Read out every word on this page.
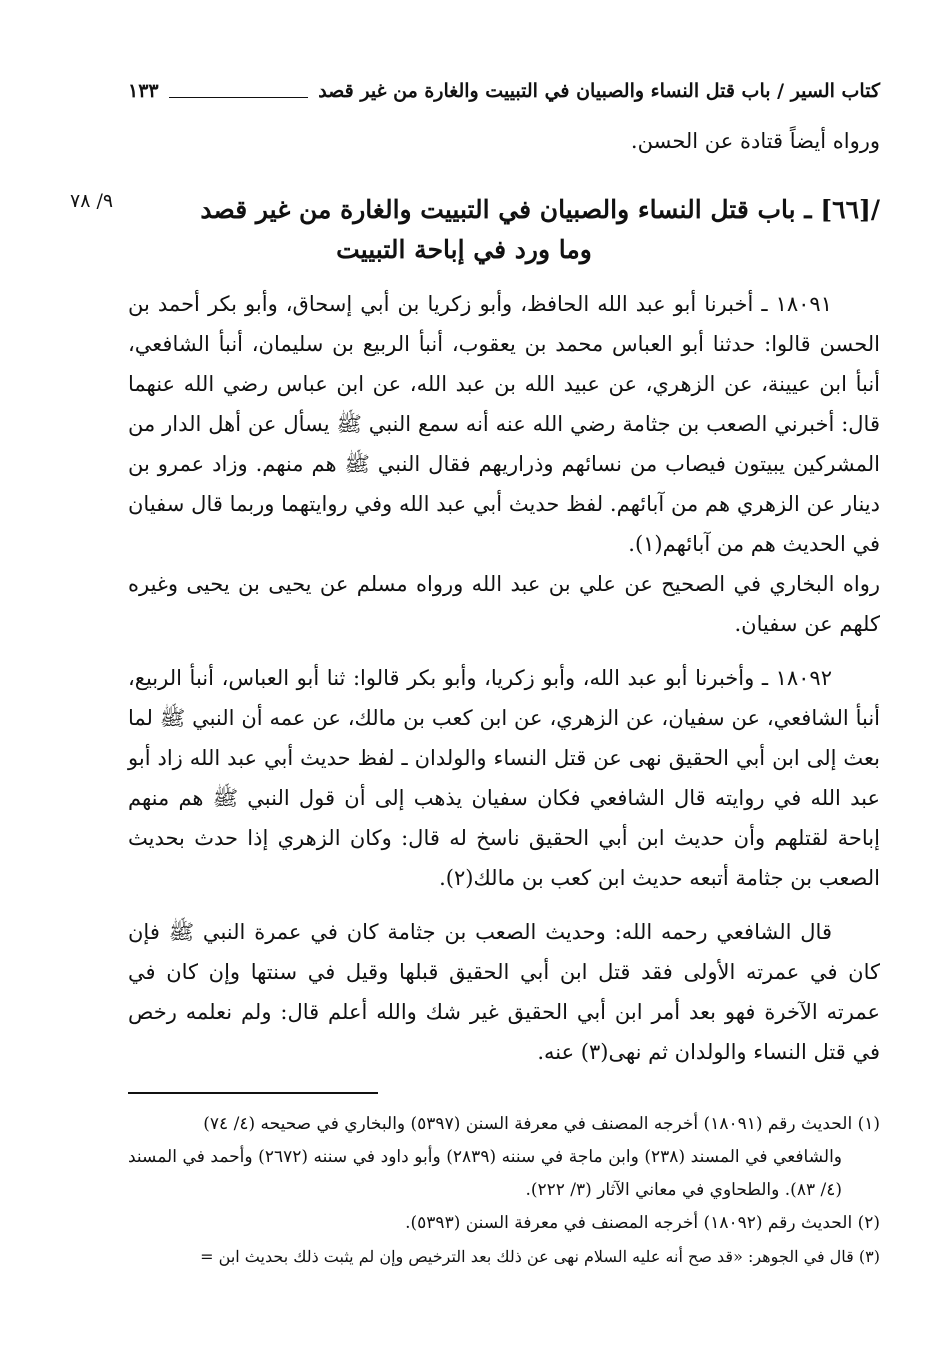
كتاب السير / باب قتل النساء والصبيان في التبييت والغارة من غير قصد
١٣٣
ورواه أيضاً قتادة عن الحسن.
٩/ ٧٨	/[٦٦] ـ باب قتل النساء والصبيان في التبييت والغارة من غير قصد
وما ورد في إباحة التبييت

١٨٠٩١ ـ أخبرنا أبو عبد الله الحافظ، وأبو زكريا بن أبي إسحاق، وأبو بكر أحمد بن الحسن قالوا: حدثنا أبو العباس محمد بن يعقوب، أنبأ الربيع بن سليمان، أنبأ الشافعي، أنبأ ابن عيينة، عن الزهري، عن عبيد الله بن عبد الله، عن ابن عباس رضي الله عنهما قال: أخبرني الصعب بن جثامة رضي الله عنه أنه سمع النبي ﷺ يسأل عن أهل الدار من المشركين يبيتون فيصاب من نسائهم وذراريهم فقال النبي ﷺ هم منهم. وزاد عمرو بن دينار عن الزهري هم من آبائهم. لفظ حديث أبي عبد الله وفي روايتهما وربما قال سفيان في الحديث هم من آبائهم(١).

رواه البخاري في الصحيح عن علي بن عبد الله ورواه مسلم عن يحيى بن يحيى وغيره كلهم عن سفيان.

١٨٠٩٢ ـ وأخبرنا أبو عبد الله، وأبو زكريا، وأبو بكر قالوا: ثنا أبو العباس، أنبأ الربيع، أنبأ الشافعي، عن سفيان، عن الزهري، عن ابن كعب بن مالك، عن عمه أن النبي ﷺ لما بعث إلى ابن أبي الحقيق نهى عن قتل النساء والولدان ـ لفظ حديث أبي عبد الله زاد أبو عبد الله في روايته قال الشافعي فكان سفيان يذهب إلى أن قول النبي ﷺ هم منهم إباحة لقتلهم وأن حديث ابن أبي الحقيق ناسخ له قال: وكان الزهري إذا حدث بحديث الصعب بن جثامة أتبعه حديث ابن كعب بن مالك(٢).

قال الشافعي رحمه الله: وحديث الصعب بن جثامة كان في عمرة النبي ﷺ فإن كان في عمرته الأولى فقد قتل ابن أبي الحقيق قبلها وقيل في سنتها وإن كان في عمرته الآخرة فهو بعد أمر ابن أبي الحقيق غير شك والله أعلم قال: ولم نعلمه رخص في قتل النساء والولدان ثم نهى(٣) عنه.

(١) الحديث رقم (١٨٠٩١) أخرجه المصنف في معرفة السنن (٥٣٩٧) والبخاري في صحيحه (٤/ ٧٤)

والشافعي في المسند (٢٣٨) وابن ماجة في سننه (٢٨٣٩) وأبو داود في سننه (٢٦٧٢) وأحمد في المسند (٤/ ٨٣). والطحاوي في معاني الآثار (٣/ ٢٢٢).

(٢) الحديث رقم (١٨٠٩٢) أخرجه المصنف في معرفة السنن (٥٣٩٣).

(٣) قال في الجوهر: «قد صح أنه عليه السلام نهى عن ذلك بعد الترخيص وإن لم يثبت ذلك بحديث ابن =
